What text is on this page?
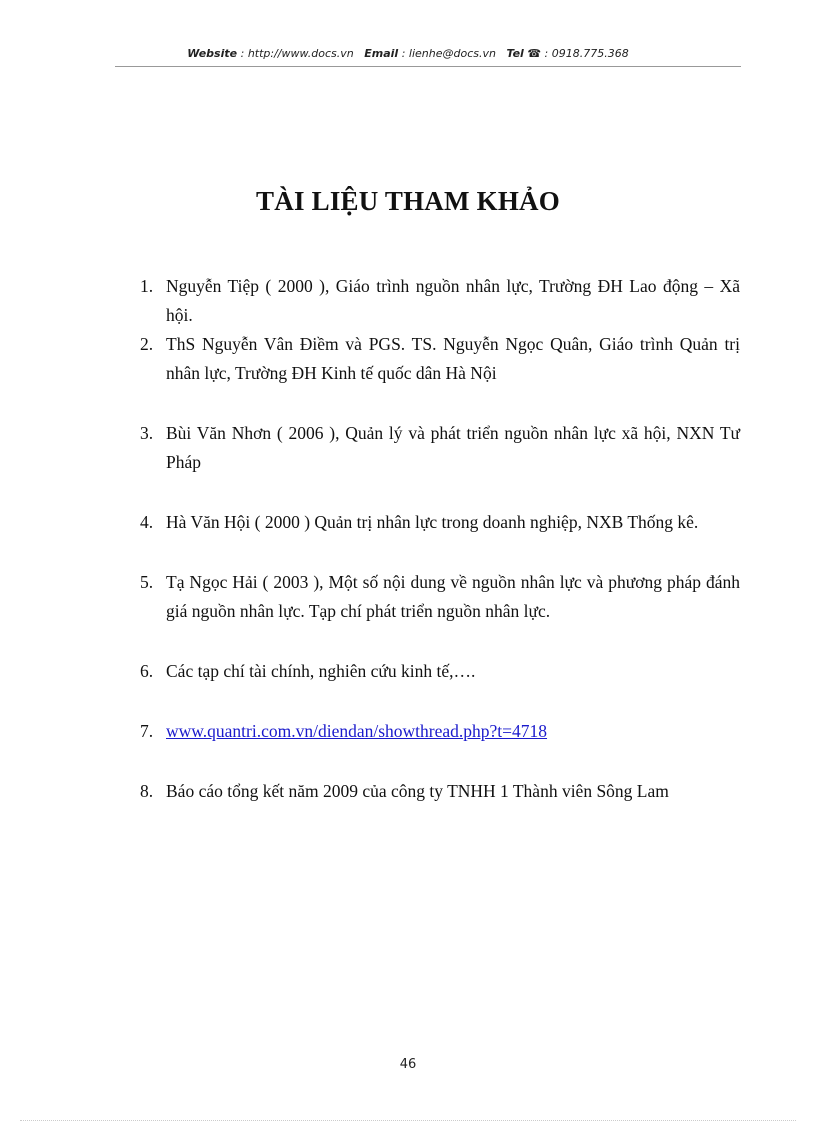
Website : http://www.docs.vn Email : lienhe@docs.vn Tel ☎ : 0918.775.368
TÀI LIỆU THAM KHẢO
1. Nguyễn Tiệp ( 2000 ), Giáo trình nguồn nhân lực, Trường ĐH Lao động – Xã hội.
2. ThS Nguyễn Vân Điềm và PGS. TS. Nguyễn Ngọc Quân, Giáo trình Quản trị nhân lực, Trường ĐH Kinh tế quốc dân Hà Nội
3. Bùi Văn Nhơn ( 2006 ), Quản lý và phát triển nguồn nhân lực xã hội, NXN Tư Pháp
4. Hà Văn Hội ( 2000 ) Quản trị nhân lực trong doanh nghiệp, NXB Thống kê.
5. Tạ Ngọc Hải ( 2003 ), Một số nội dung về nguồn nhân lực và phương pháp đánh giá nguồn nhân lực. Tạp chí phát triển nguồn nhân lực.
6. Các tạp chí tài chính, nghiên cứu kinh tế,….
7. www.quantri.com.vn/diendan/showthread.php?t=4718
8. Báo cáo tổng kết năm 2009 của công ty TNHH 1 Thành viên Sông Lam
46
